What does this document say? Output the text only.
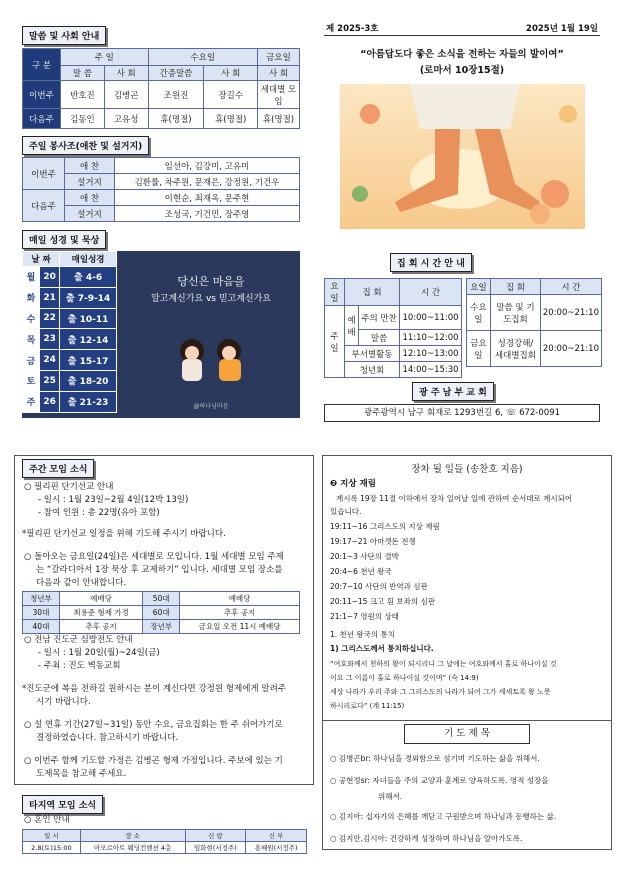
말씀 및 사회 안내
구 분	주 일		수요일		금요일
	말 씀	사 회	간증말씀	사 회	사 회
이번주	반호진	김병곤	조원진	장길수	세대별 모임
다음주	김동인	고유성	휴(명절)	휴(명절)	휴(명절)
주일 봉사조(애찬 및 설거지)
이번주	애 찬	임선아, 김강미, 고유미
	설거지	김환률, 차주원, 문재은, 강정원, 기건우
다음주	애 찬	이현순, 최재옥, 문주현
	설거지	조성국, 기건민, 장주영
매일 성경 및 묵상
날 짜		매일성경
월	20	출 4-6
화	21	출 7-9-14
수	22	출 10-11
목	23	출 12-14
금	24	출 15-17
토	25	출 18-20
주	26	출 21-23
당신은 마음을
알고계신가요 vs 믿고계신가요
@하나님마음
제 2025-3호	2025년 1월 19일
“아름답도다 좋은 소식을 전하는 자들의 발이여”
(로마서 10장15절)
집 회 시 간 안 내
요일	집 회		시 간
주일	예배	주의 만찬	10:00~11:00
		말씀	11:10~12:00
	부서별활동		12:10~13:00
	청년회		14:00~15:30
요일	집 회	시 간
수요일	말씀 및 기도집회	20:00~21:10
금요일	성경강해/ 세대별집회	20:00~21:10
광 주 남 부 교 회
광주광역시 남구 회재로 1293번길 6, ☏ 672-0091
주간 모임 소식
○ 필리핀 단기선교 안내
- 일시 : 1월 23일~2월 4일(12박 13일)
- 참여 인원 : 총 22명(유아 포함)
*필리핀 단기선교 일정을 위해 기도해 주시기 바랍니다.
○ 돌아오는 금요일(24일)은 세대별로 모입니다. 1월 세대별 모임 주제
는 “갈라디아서 1장 묵상 후 교제하기” 입니다. 세대별 모임 장소를
다음과 같이 안내합니다.
청년부	예배당	50대	예배당
30대	최용준 형제 가정	60대	추후 공지
40대	추후 공지	장년부	금요일 오전 11시 예배당
○ 전남 진도군 심방전도 안내
- 일시 : 1월 20일(월)~24일(금)
- 주최 : 진도 벽동교회
*진도군에 복음 전하길 원하시는 분이 계신다면 강정원 형제에게 알려주
시기 바랍니다.
○ 설 연휴 기간(27일~31일) 동안 수요, 금요집회는 한 주 쉬어가기로
결정하였습니다. 참고하시기 바랍니다.
○ 이번주 함께 기도할 가정은 김병곤 형제 가정입니다. 주보에 있는 기
도제목을 참고해 주세요.
타지역 모임 소식
○ 혼인 안내
일 시	장 소	신 랑	신 부
2.8(토)15:00	아모르아트 웨딩컨벤션 4층	임화현(서정주)	홍혜원(서정주)
장차 될 일들 (송찬호 지음)
❷ 지상 재림
계시록 19장 11절 이하에서 장차 일어날 일에 관하여 순서대로 계시되어
있습니다.
19:11~16 그리스도의 지상 재림
19:17~21 아마겟돈 전쟁
20:1~3 사단의 결박
20:4~6 천년 왕국
20:7~10 사단의 반역과 심판
20:11~15 크고 흰 보좌의 심판
21:1~7 영원의 상태
1. 천년 왕국의 통치
1) 그리스도께서 통치하십니다.
“여호와께서 천하의 왕이 되시리니 그 날에는 여호와께서 홀로 하나이실 것
이요 그 이름이 홀로 하나이실 것이며” (슥 14:9)
세상 나라가 우리 주와 그 그리스도의 나라가 되어 그가 세세토록 왕 노릇
하시리로다” (계 11:15)
기 도 제 목
○ 김병곤br: 하나님을 경외함으로 섬기며 기도하는 삶을 위해서.
○ 공현정sr: 자녀들을 주의 교양과 훈계로 양육하도록. 영적 성장을
위해서.
○ 김지아: 십자가의 은혜를 깨닫고 구원받으며 하나님과 동행하는 삶.
○ 김지안,김시아: 건강하게 성장하며 하나님을 알아가도록.
